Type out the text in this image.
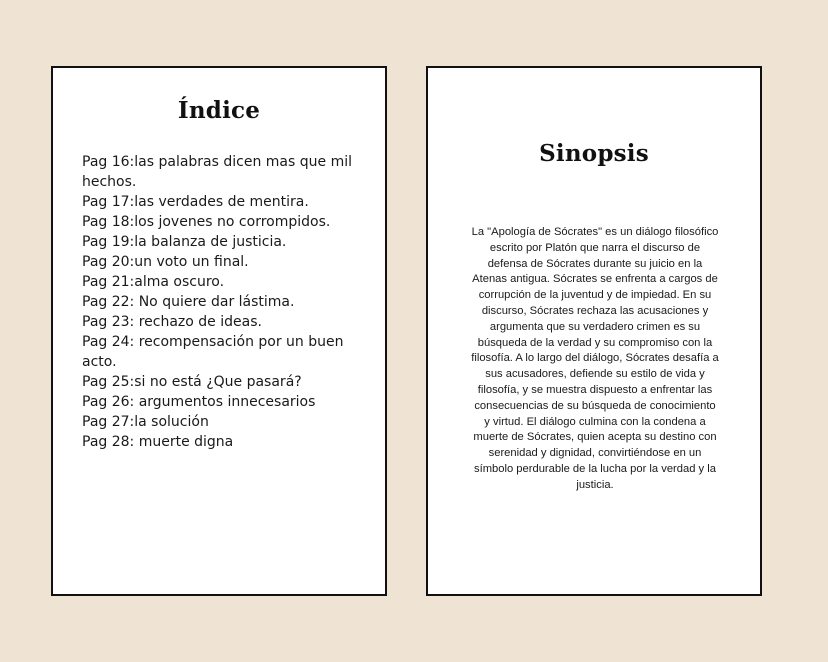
Índice
Pag 16:las palabras dicen mas que mil hechos.
Pag 17:las verdades de mentira.
Pag 18:los jovenes no corrompidos.
Pag 19:la balanza de justicia.
Pag 20:un voto un final.
Pag 21:alma oscuro.
Pag 22: No quiere dar lástima.
Pag 23: rechazo de ideas.
Pag 24: recompensación por un buen acto.
Pag 25:si no está ¿Que pasará?
Pag 26: argumentos innecesarios
Pag 27:la solución
Pag 28: muerte digna
Sinopsis

La "Apología de Sócrates" es un diálogo filosófico escrito por Platón que narra el discurso de defensa de Sócrates durante su juicio en la Atenas antigua. Sócrates se enfrenta a cargos de corrupción de la juventud y de impiedad. En su discurso, Sócrates rechaza las acusaciones y argumenta que su verdadero crimen es su búsqueda de la verdad y su compromiso con la filosofía. A lo largo del diálogo, Sócrates desafía a sus acusadores, defiende su estilo de vida y filosofía, y se muestra dispuesto a enfrentar las consecuencias de su búsqueda de conocimiento y virtud. El diálogo culmina con la condena a muerte de Sócrates, quien acepta su destino con serenidad y dignidad, convirtiéndose en un símbolo perdurable de la lucha por la verdad y la justicia.
